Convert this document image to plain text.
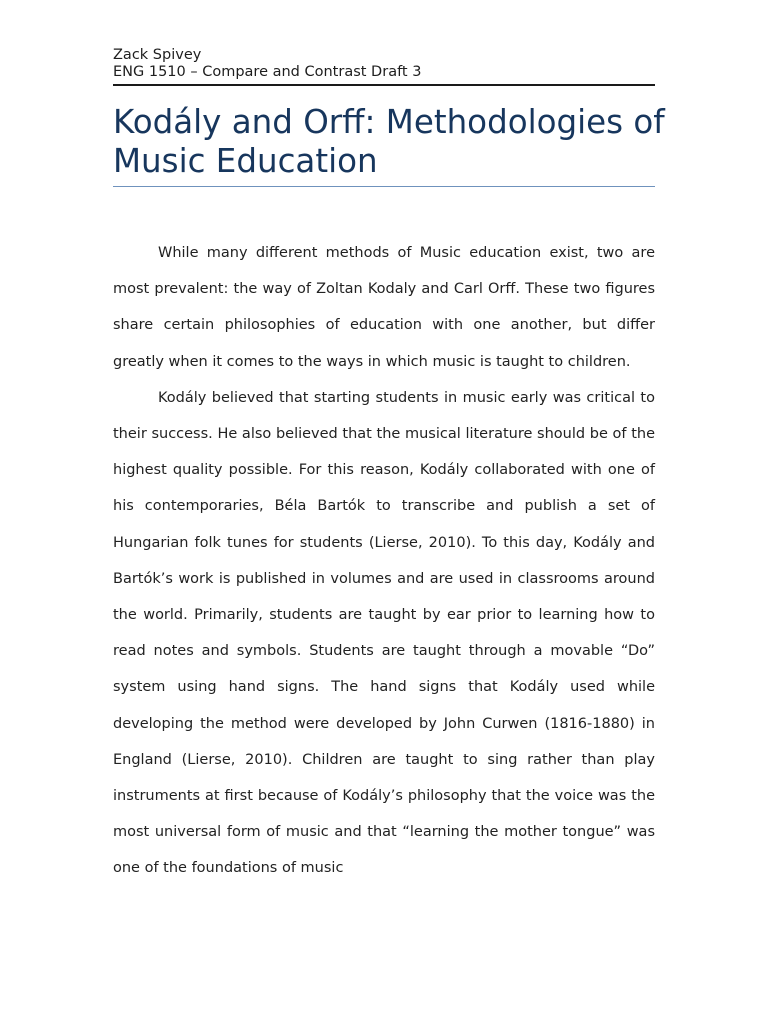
Zack Spivey
ENG 1510 – Compare and Contrast Draft 3
Kodály and Orff: Methodologies of Music Education

While many different methods of Music education exist, two are most prevalent: the way of Zoltan Kodaly and Carl Orff. These two figures share certain philosophies of education with one another, but differ greatly when it comes to the ways in which music is taught to children.

Kodály believed that starting students in music early was critical to their success. He also believed that the musical literature should be of the highest quality possible. For this reason, Kodály collaborated with one of his contemporaries, Béla Bartók to transcribe and publish a set of Hungarian folk tunes for students (Lierse, 2010). To this day, Kodály and Bartók’s work is published in volumes and are used in classrooms around the world. Primarily, students are taught by ear prior to learning how to read notes and symbols. Students are taught through a movable “Do” system using hand signs. The hand signs that Kodály used while developing the method were developed by John Curwen (1816-1880) in England (Lierse, 2010). Children are taught to sing rather than play instruments at first because of Kodály’s philosophy that the voice was the most universal form of music and that “learning the mother tongue” was one of the foundations of music
